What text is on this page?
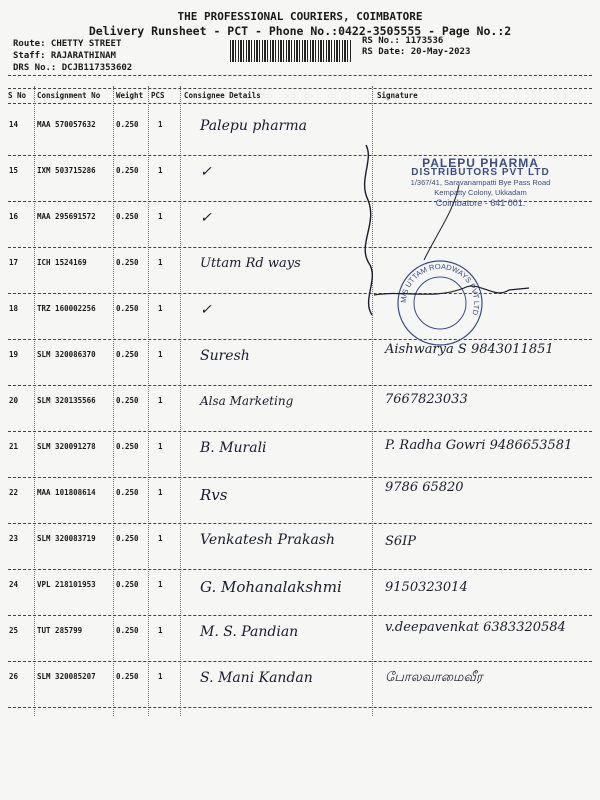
THE PROFESSIONAL COURIERS, COIMBATORE
Delivery Runsheet - PCT - Phone No.:0422-3505555 - Page No.:2
Route: CHETTY STREET
Staff: RAJARATHINAM
DRS No.: DCJB117353602
RS No.: 1173536
RS Date: 20-May-2023
S No Consignment No Weight PCS	Consignee Details	Signature
14	MAA 570057632	0.250	1	Palepu pharma
15	IXM 503715286	0.250	1	✓
16	MAA 295691572	0.250	1	✓
17	ICH 1524169	0.250	1	Uttam Rd ways
18	TRZ 160002256	0.250	1	✓
19	SLM 320086370	0.250	1	Suresh	Aishwarya S 9843011851
20	SLM 320135566	0.250	1	Alsa Marketing	7667823033
21	SLM 320091278	0.250	1	B. Murali	P. Radha Gowri 9486653581
22	MAA 101808614	0.250	1 Rvs	9786 65820
23	SLM 320083719	0.250	1	Venkatesh Prakash	S6IP
24	VPL 218101953	0.250	1 G. Mohanalakshmi	9150323014
25	TUT 285799	0.250	1	M. S. Pandian	v.deepavenkat 6383320584
26	SLM 320085207	0.250	1	S. Mani Kandan	போலவாமைவீர
PALEPU PHARMA
DISTRIBUTORS PVT LTD
1/367/41, Saravanampatti Bye Pass Road
Kempatty Colony, Ukkadam
Coimbatore - 641 001.
M/S UTTAM ROADWAYS PVT LTD
